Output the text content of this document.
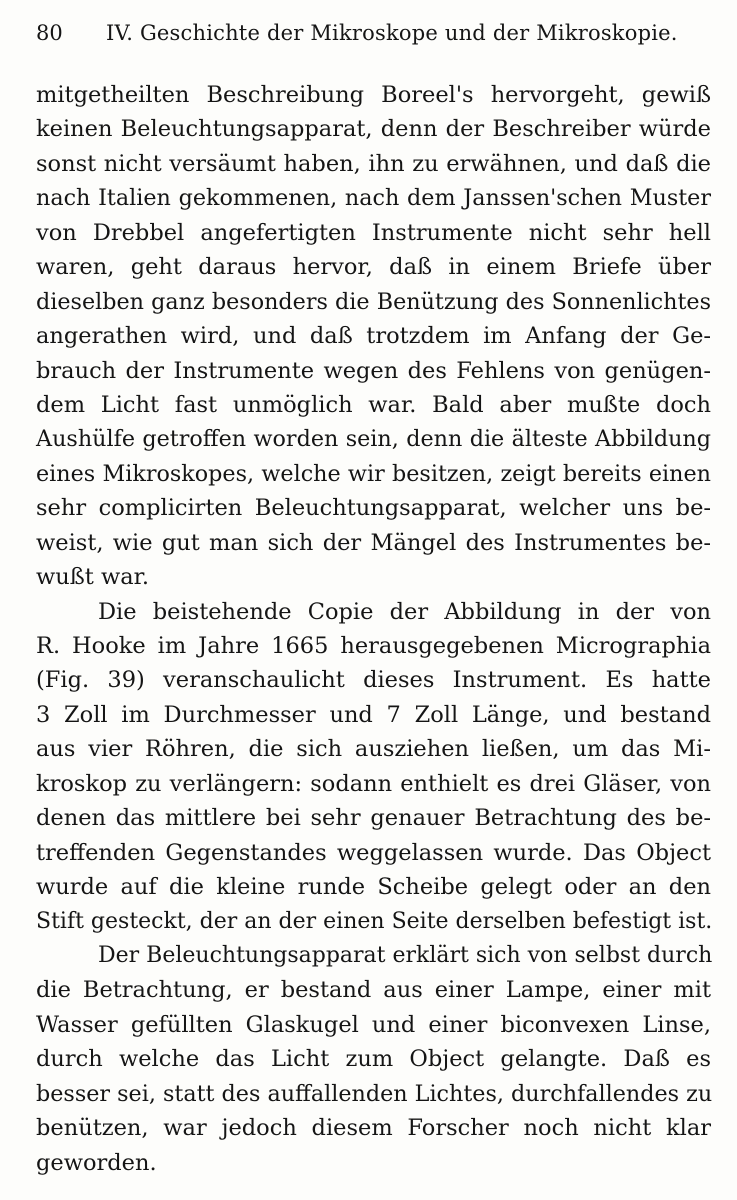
80 IV. Geschichte der Mikroskope und der Mikroskopie.
mitgetheilten Beschreibung Boreel's hervorgeht, gewiß
keinen Beleuchtungsapparat, denn der Beschreiber würde
sonst nicht versäumt haben, ihn zu erwähnen, und daß die
nach Italien gekommenen, nach dem Janssen'schen Muster
von Drebbel angefertigten Instrumente nicht sehr hell
waren, geht daraus hervor, daß in einem Briefe über
dieselben ganz besonders die Benützung des Sonnenlichtes
angerathen wird, und daß trotzdem im Anfang der Ge-
brauch der Instrumente wegen des Fehlens von genügen-
dem Licht fast unmöglich war. Bald aber mußte doch
Aushülfe getroffen worden sein, denn die älteste Abbildung
eines Mikroskopes, welche wir besitzen, zeigt bereits einen
sehr complicirten Beleuchtungsapparat, welcher uns be-
weist, wie gut man sich der Mängel des Instrumentes be-
wußt war.
Die beistehende Copie der Abbildung in der von
R. Hooke im Jahre 1665 herausgegebenen Micrographia
(Fig. 39) veranschaulicht dieses Instrument. Es hatte
3 Zoll im Durchmesser und 7 Zoll Länge, und bestand
aus vier Röhren, die sich ausziehen ließen, um das Mi-
kroskop zu verlängern: sodann enthielt es drei Gläser, von
denen das mittlere bei sehr genauer Betrachtung des be-
treffenden Gegenstandes weggelassen wurde. Das Object
wurde auf die kleine runde Scheibe gelegt oder an den
Stift gesteckt, der an der einen Seite derselben befestigt ist.
Der Beleuchtungsapparat erklärt sich von selbst durch
die Betrachtung, er bestand aus einer Lampe, einer mit
Wasser gefüllten Glaskugel und einer biconvexen Linse,
durch welche das Licht zum Object gelangte. Daß es
besser sei, statt des auffallenden Lichtes, durchfallendes zu
benützen, war jedoch diesem Forscher noch nicht klar
geworden.
